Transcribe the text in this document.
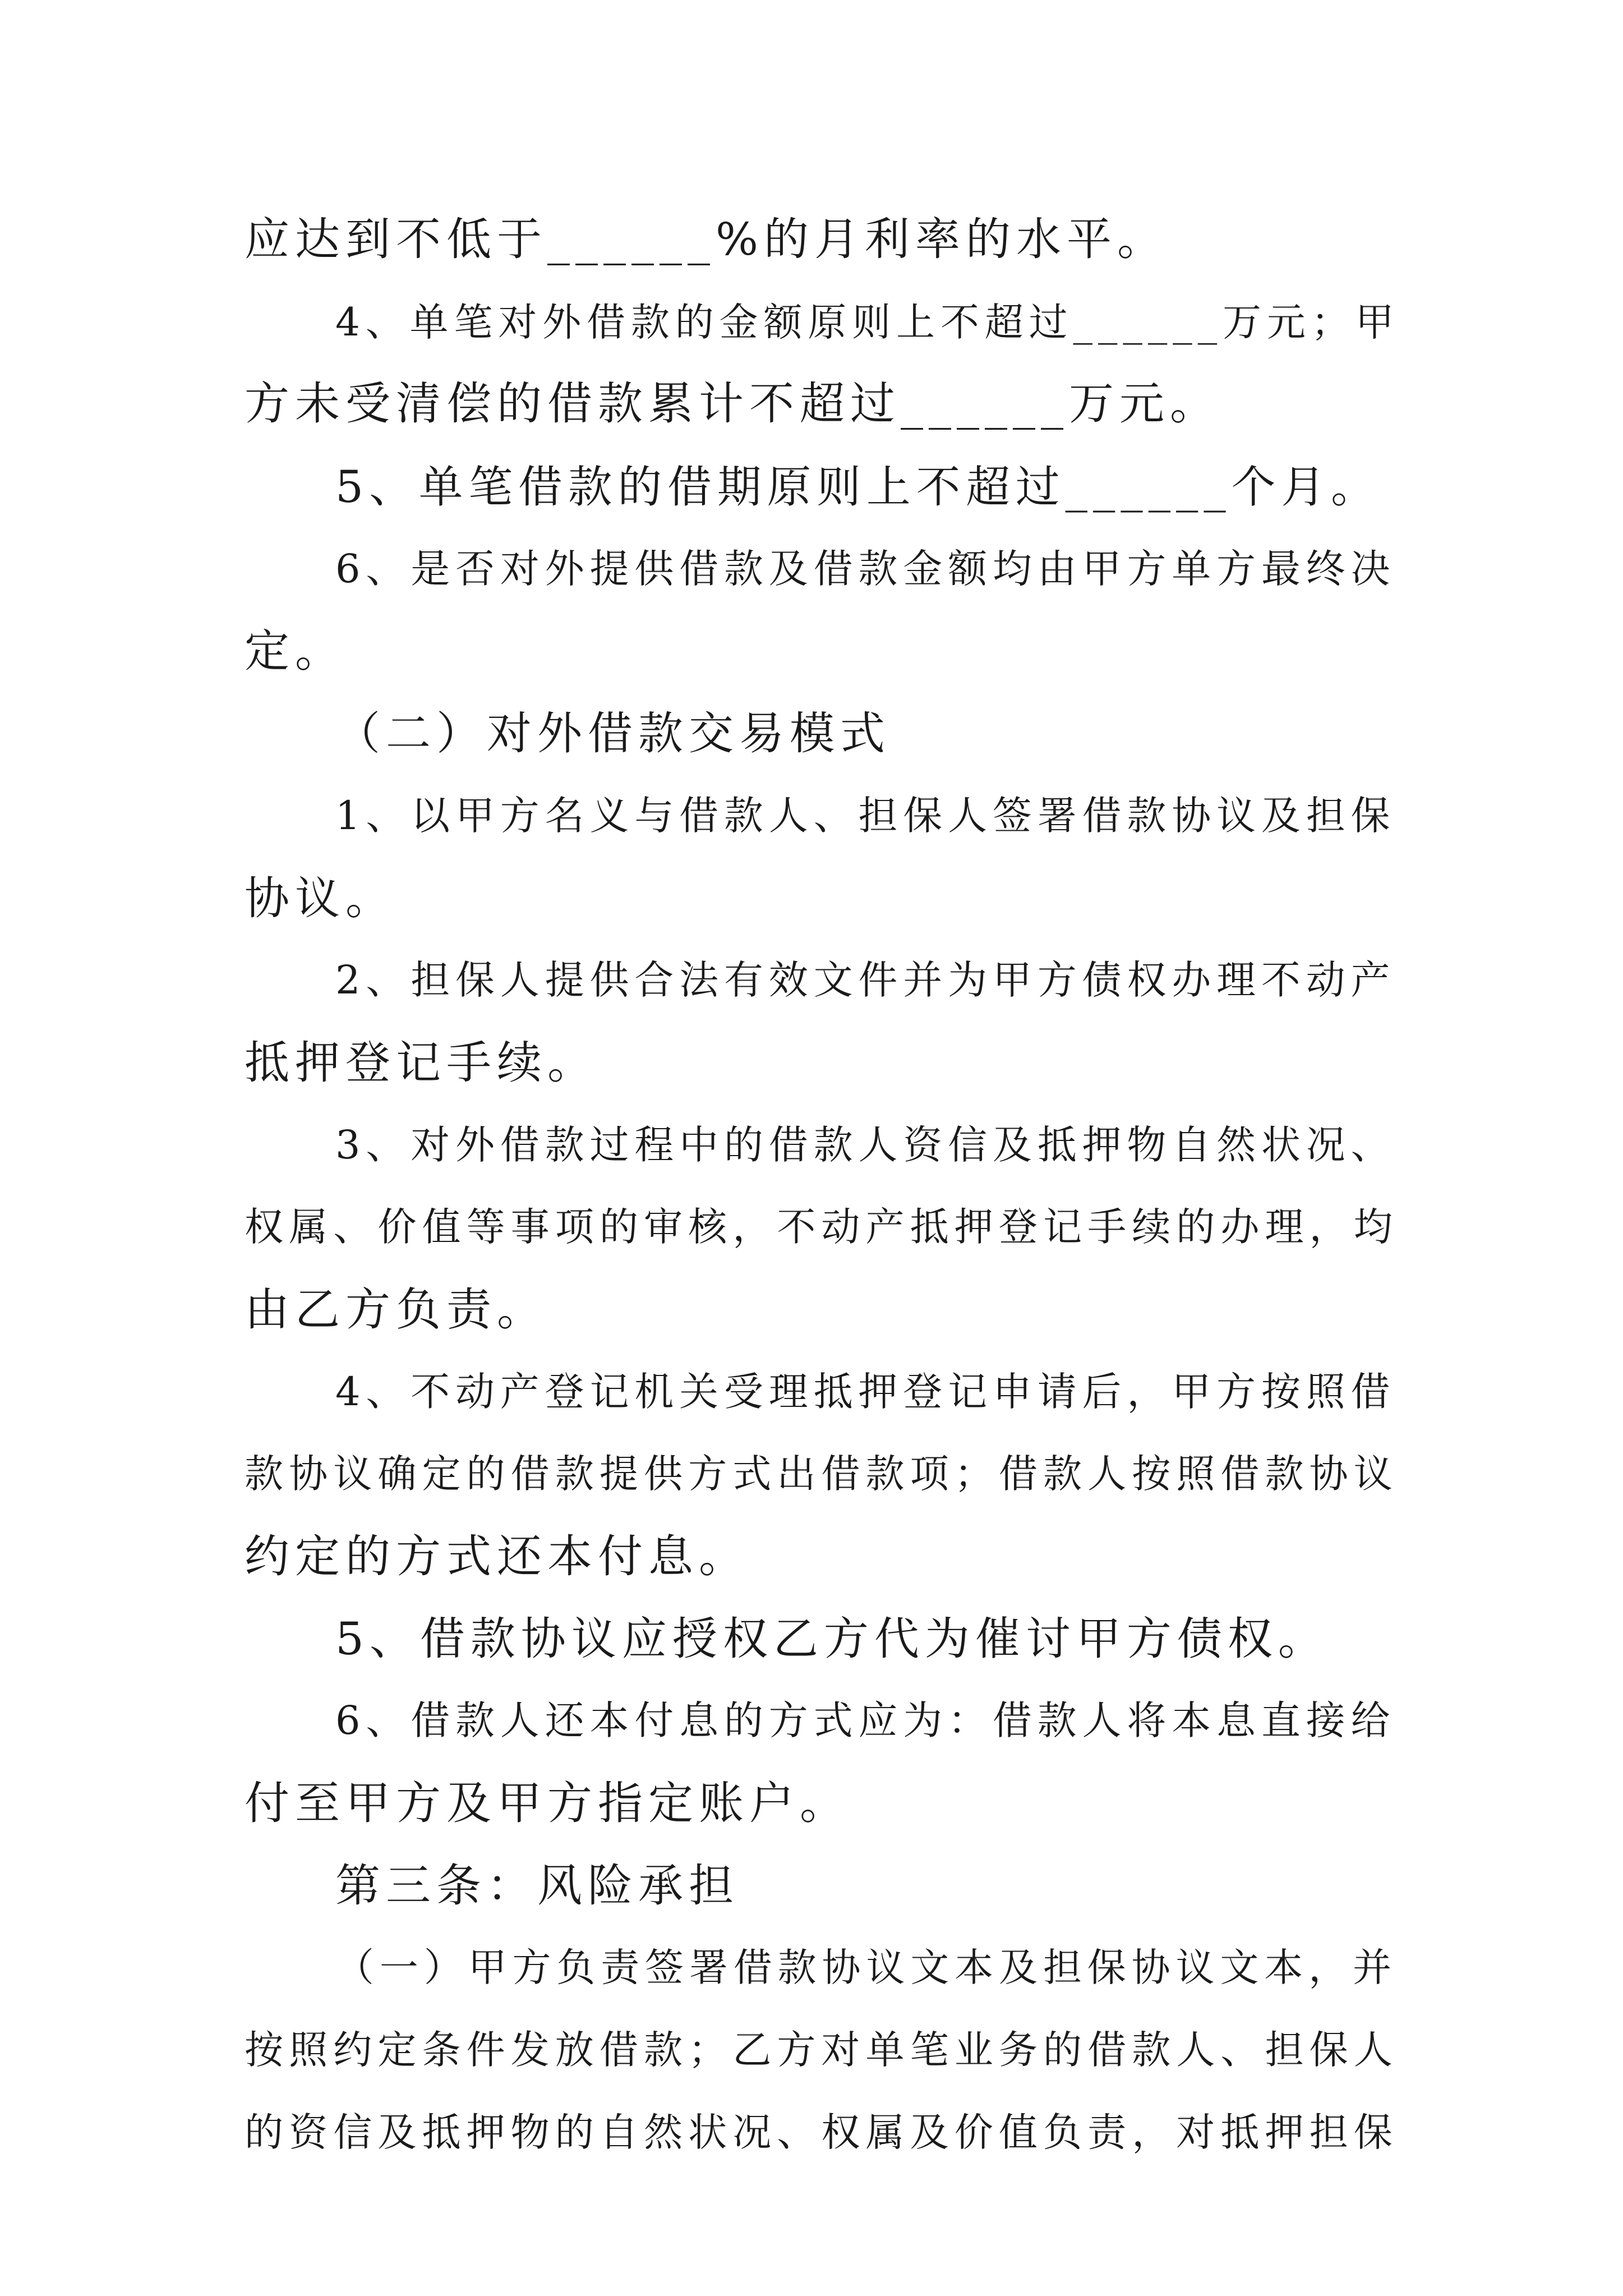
应达到不低于______%的月利率的水平。
4、单笔对外借款的金额原则上不超过______万元；甲
方未受清偿的借款累计不超过______万元。
5、单笔借款的借期原则上不超过______个月。
6、是否对外提供借款及借款金额均由甲方单方最终决
定。
（二）对外借款交易模式
1、以甲方名义与借款人、担保人签署借款协议及担保
协议。
2、担保人提供合法有效文件并为甲方债权办理不动产
抵押登记手续。
3、对外借款过程中的借款人资信及抵押物自然状况、
权属、价值等事项的审核，不动产抵押登记手续的办理，均
由乙方负责。
4、不动产登记机关受理抵押登记申请后，甲方按照借
款协议确定的借款提供方式出借款项；借款人按照借款协议
约定的方式还本付息。
5、借款协议应授权乙方代为催讨甲方债权。
6、借款人还本付息的方式应为：借款人将本息直接给
付至甲方及甲方指定账户。
第三条：风险承担
（一）甲方负责签署借款协议文本及担保协议文本，并
按照约定条件发放借款；乙方对单笔业务的借款人、担保人
的资信及抵押物的自然状况、权属及价值负责，对抵押担保
